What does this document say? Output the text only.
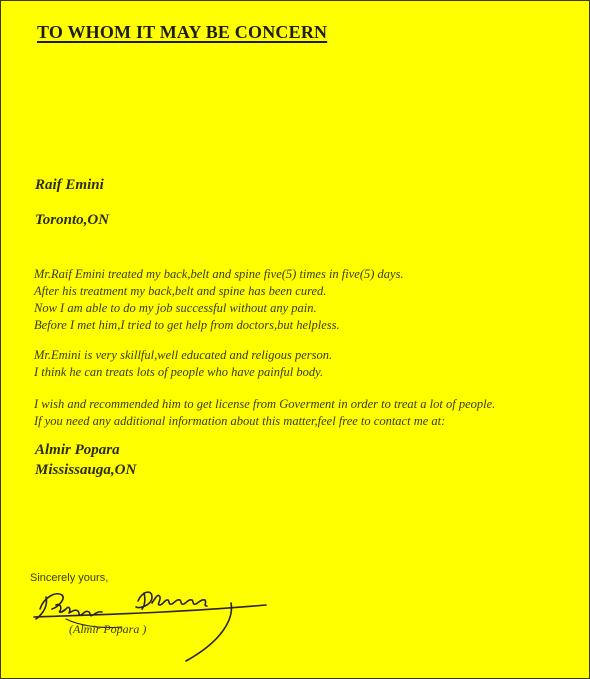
TO WHOM IT MAY BE CONCERN

Raif Emini

Toronto,ON

Mr.Raif Emini treated my back,belt and spine five(5) times in five(5) days.

After his treatment my back,belt and spine has been cured.

Now I am able to do my job successful without any pain.

Before I met him,I tried to get help from doctors,but helpless.

Mr.Emini is very skillful,well educated and religous person.

I think he can treats lots of people who have painful body.

I wish and recommended him to get license from Goverment in order to treat a lot of people.

If you need any additional information about this matter,feel free to contact me at:

Almir Popara

Mississauga,ON

Sincerely yours,

(Almir Popara )
